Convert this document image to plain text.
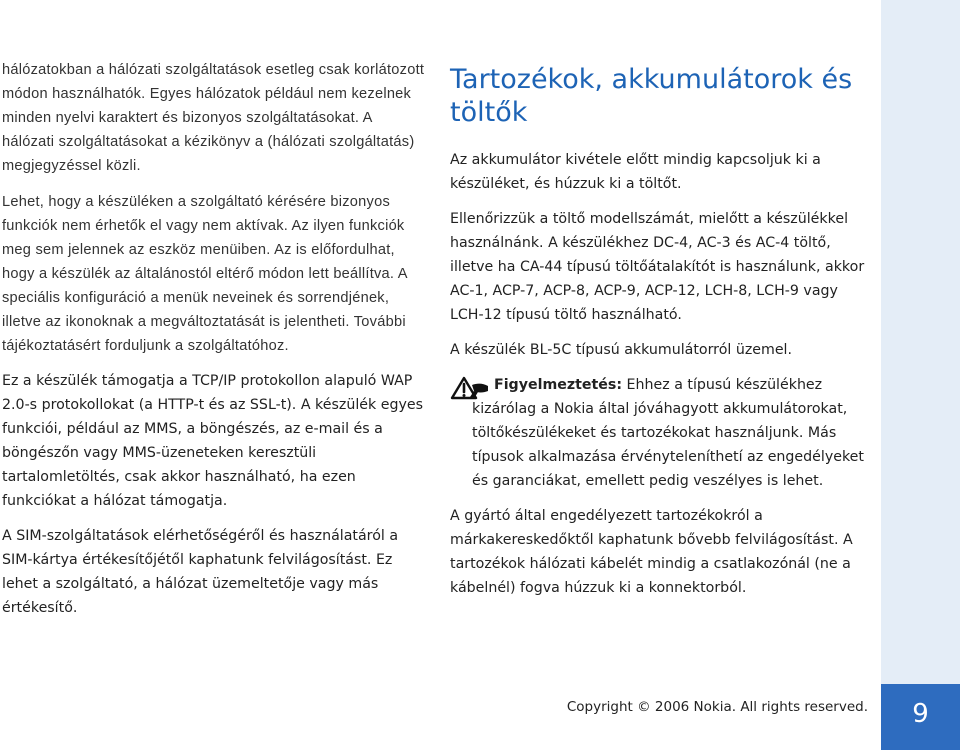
hálózatokban a hálózati szolgáltatások esetleg csak korlátozott módon használhatók. Egyes hálózatok például nem kezelnek minden nyelvi karaktert és bizonyos szolgáltatásokat. A hálózati szolgáltatásokat a kézikönyv a (hálózati szolgáltatás) megjegyzéssel közli.

Lehet, hogy a készüléken a szolgáltató kérésére bizonyos funkciók nem érhetők el vagy nem aktívak. Az ilyen funkciók meg sem jelennek az eszköz menüiben. Az is előfordulhat, hogy a készülék az általánostól eltérő módon lett beállítva. A speciális konfiguráció a menük neveinek és sorrendjének, illetve az ikonoknak a megváltoztatását is jelentheti. További tájékoztatásért forduljunk a szolgáltatóhoz.

Ez a készülék támogatja a TCP/IP protokollon alapuló WAP 2.0-s protokollokat (a HTTP-t és az SSL-t). A készülék egyes funkciói, például az MMS, a böngészés, az e-mail és a böngészőn vagy MMS-üzeneteken keresztüli tartalomletöltés, csak akkor használható, ha ezen funkciókat a hálózat támogatja.

A SIM-szolgáltatások elérhetőségéről és használatáról a SIM-kártya értékesítőjétől kaphatunk felvilágosítást. Ez lehet a szolgáltató, a hálózat üzemeltetője vagy más értékesítő.

Tartozékok, akkumulátorok és töltők

Az akkumulátor kivétele előtt mindig kapcsoljuk ki a készüléket, és húzzuk ki a töltőt.

Ellenőrizzük a töltő modellszámát, mielőtt a készülékkel használnánk. A készülékhez DC-4, AC-3 és AC-4 töltő, illetve ha CA-44 típusú töltőátalakítót is használunk, akkor AC-1, ACP-7, ACP-8, ACP-9, ACP-12, LCH-8, LCH-9 vagy LCH-12 típusú töltő használható.

A készülék BL-5C típusú akkumulátorról üzemel.

Figyelmeztetés: Ehhez a típusú készülékhez kizárólag a Nokia által jóváhagyott akkumulátorokat, töltőkészülékeket és tartozékokat használjunk. Más típusok alkalmazása érvényteleníthetí az engedélyeket és garanciákat, emellett pedig veszélyes is lehet.

A gyártó által engedélyezett tartozékokról a márkakereskedőktől kaphatunk bővebb felvilágosítást. A tartozékok hálózati kábelét mindig a csatlakozónál (ne a kábelnél) fogva húzzuk ki a konnektorból.

Copyright © 2006 Nokia. All rights reserved.	9
